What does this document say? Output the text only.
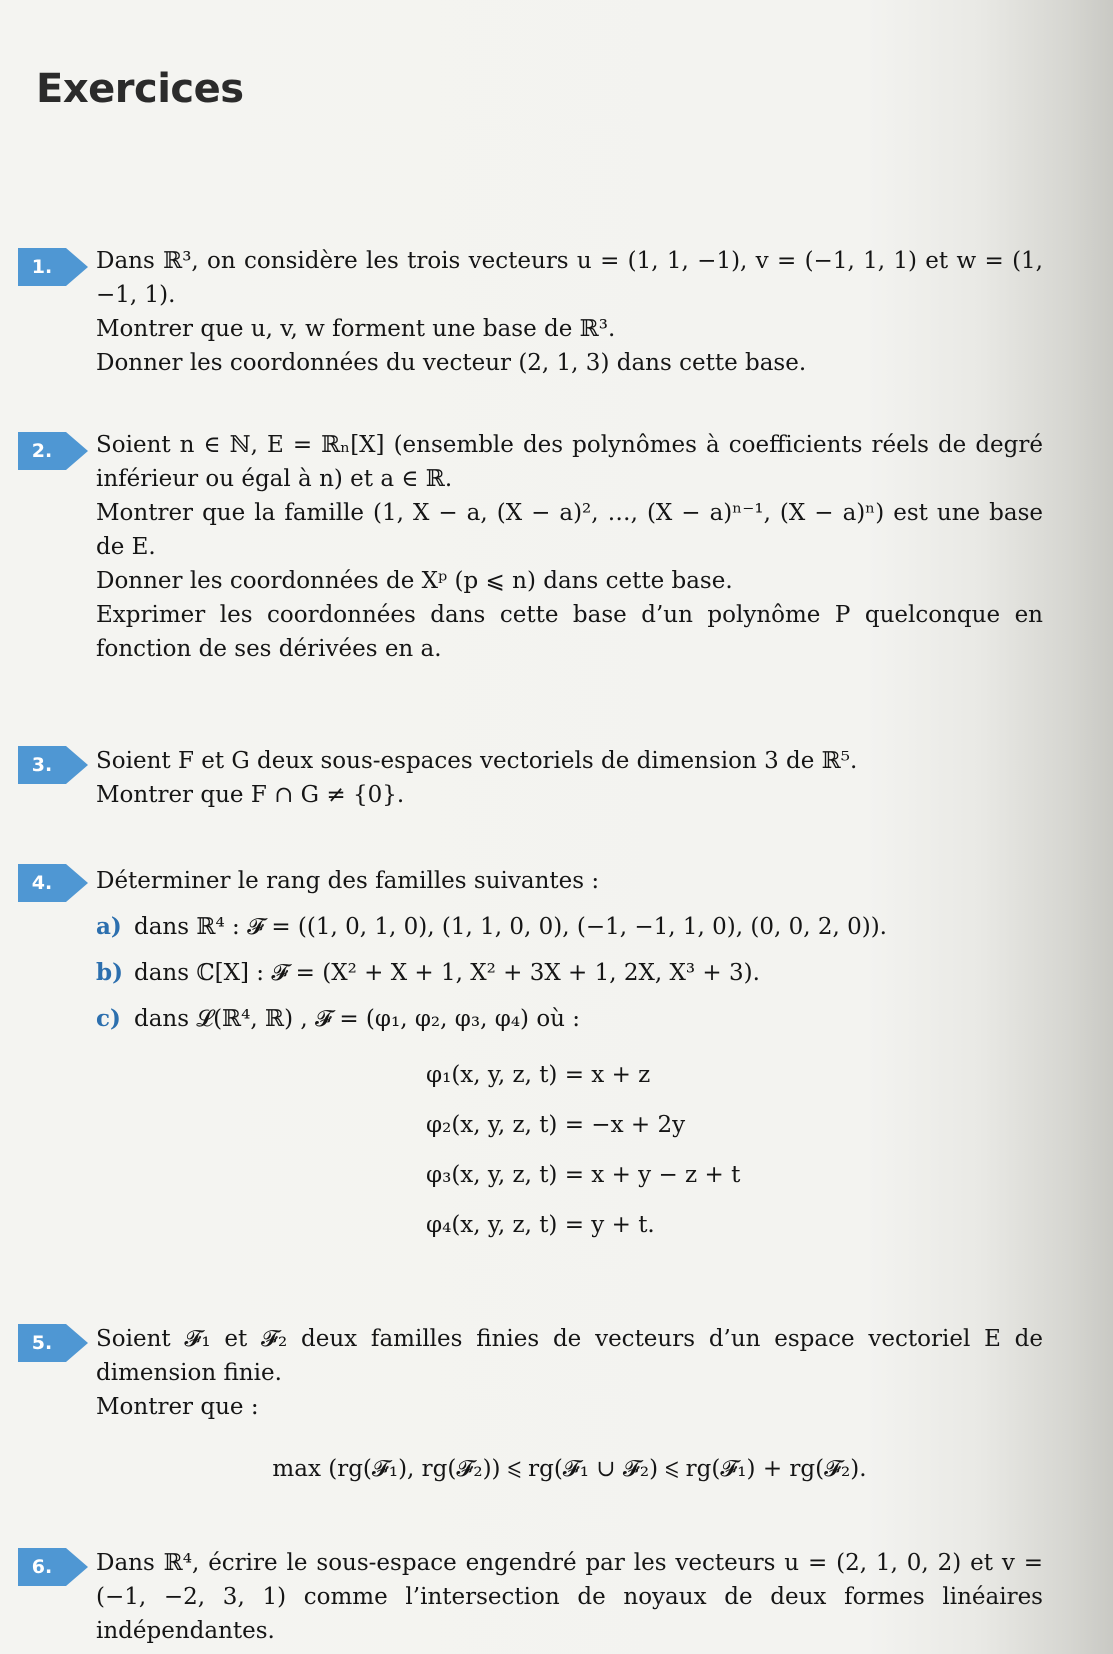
Exercices
1.	Dans ℝ³, on considère les trois vecteurs u = (1, 1, −1), v = (−1, 1, 1) et w = (1, −1, 1).

Montrer que u, v, w forment une base de ℝ³.

Donner les coordonnées du vecteur (2, 1, 3) dans cette base.

2.	Soient n ∈ ℕ, E = ℝₙ[X] (ensemble des polynômes à coefficients réels de degré inférieur ou égal à n) et a ∈ ℝ.

Montrer que la famille (1, X − a, (X − a)², …, (X − a)ⁿ⁻¹, (X − a)ⁿ) est une base de E.

Donner les coordonnées de Xᵖ (p ⩽ n) dans cette base.

Exprimer les coordonnées dans cette base d’un polynôme P quelconque en fonction de ses dérivées en a.

3.	Soient F et G deux sous-espaces vectoriels de dimension 3 de ℝ⁵.

Montrer que F ∩ G ≠ {0}.

4.	Déterminer le rang des familles suivantes :

a) dans ℝ⁴ : 𝓕 = ((1, 0, 1, 0), (1, 1, 0, 0), (−1, −1, 1, 0), (0, 0, 2, 0)).
b) dans ℂ[X] : 𝓕 = (X² + X + 1, X² + 3X + 1, 2X, X³ + 3).
c) dans 𝓛(ℝ⁴, ℝ) , 𝓕 = (φ₁, φ₂, φ₃, φ₄) où :
φ₁(x, y, z, t) = x + z
φ₂(x, y, z, t) = −x + 2y
φ₃(x, y, z, t) = x + y − z + t
φ₄(x, y, z, t) = y + t.
5.	Soient 𝓕₁ et 𝓕₂ deux familles finies de vecteurs d’un espace vectoriel E de dimension finie.

Montrer que :

max (rg(𝓕₁), rg(𝓕₂)) ⩽ rg(𝓕₁ ∪ 𝓕₂) ⩽ rg(𝓕₁) + rg(𝓕₂).
6.	Dans ℝ⁴, écrire le sous-espace engendré par les vecteurs u = (2, 1, 0, 2) et v = (−1, −2, 3, 1) comme l’intersection de noyaux de deux formes linéaires indépendantes.
